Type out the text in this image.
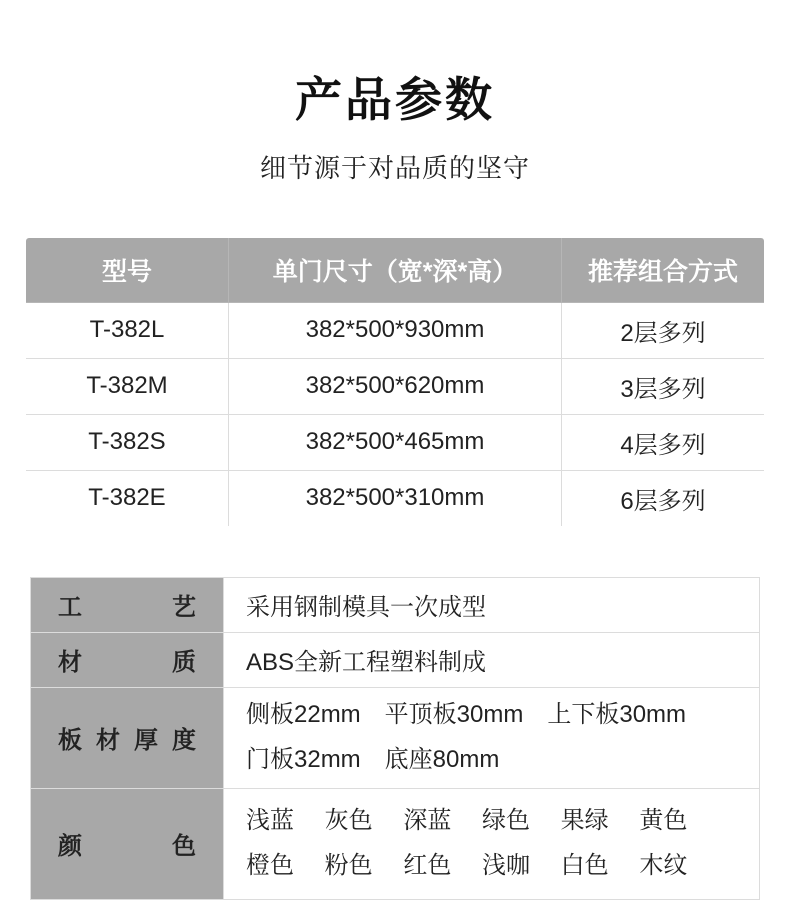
产品参数
细节源于对品质的坚守
型号	单门尺寸（宽*深*高）	推荐组合方式
T-382L	382*500*930mm	2层多列
T-382M	382*500*620mm	3层多列
T-382S	382*500*465mm	4层多列
T-382E	382*500*310mm	6层多列
工艺	采用钢制模具一次成型

材质	ABS全新工程塑料制成

板材厚度	侧板22mm　平顶板30mm　上下板30mm
门板32mm　底座80mm

颜色	浅蓝　 灰色　 深蓝　 绿色　 果绿　 黄色
橙色　 粉色　 红色　 浅咖　 白色　 木纹
